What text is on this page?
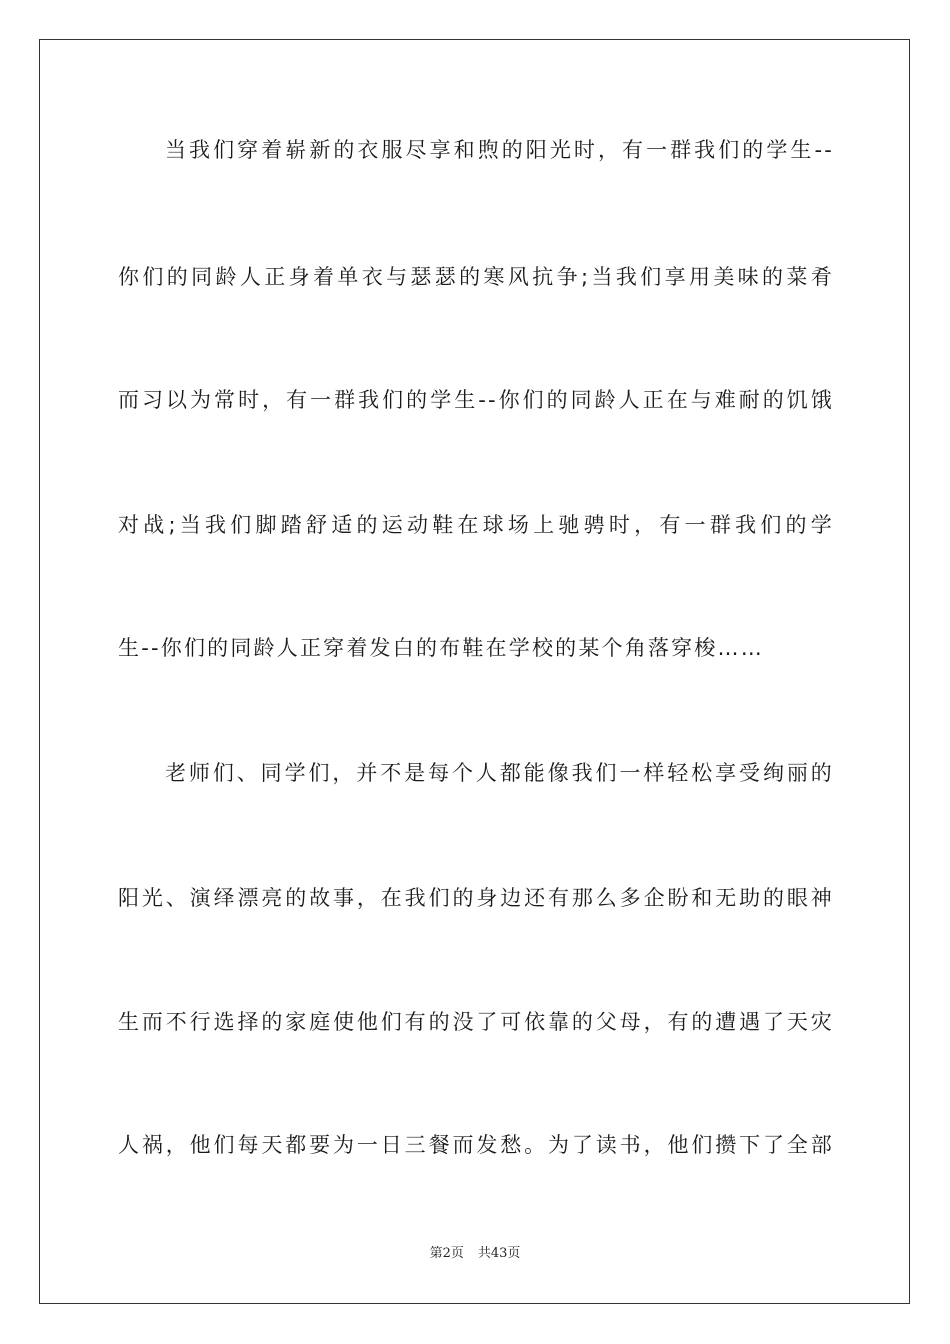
当我们穿着崭新的衣服尽享和煦的阳光时，有一群我们的学生--
你们的同龄人正身着单衣与瑟瑟的寒风抗争;当我们享用美味的菜肴
而习以为常时，有一群我们的学生--你们的同龄人正在与难耐的饥饿
对战;当我们脚踏舒适的运动鞋在球场上驰骋时，有一群我们的学
生--你们的同龄人正穿着发白的布鞋在学校的某个角落穿梭……
老师们、同学们，并不是每个人都能像我们一样轻松享受绚丽的
阳光、演绎漂亮的故事，在我们的身边还有那么多企盼和无助的眼神
生而不行选择的家庭使他们有的没了可依靠的父母，有的遭遇了天灾
人祸，他们每天都要为一日三餐而发愁。为了读书，他们攒下了全部
第2页 共43页
